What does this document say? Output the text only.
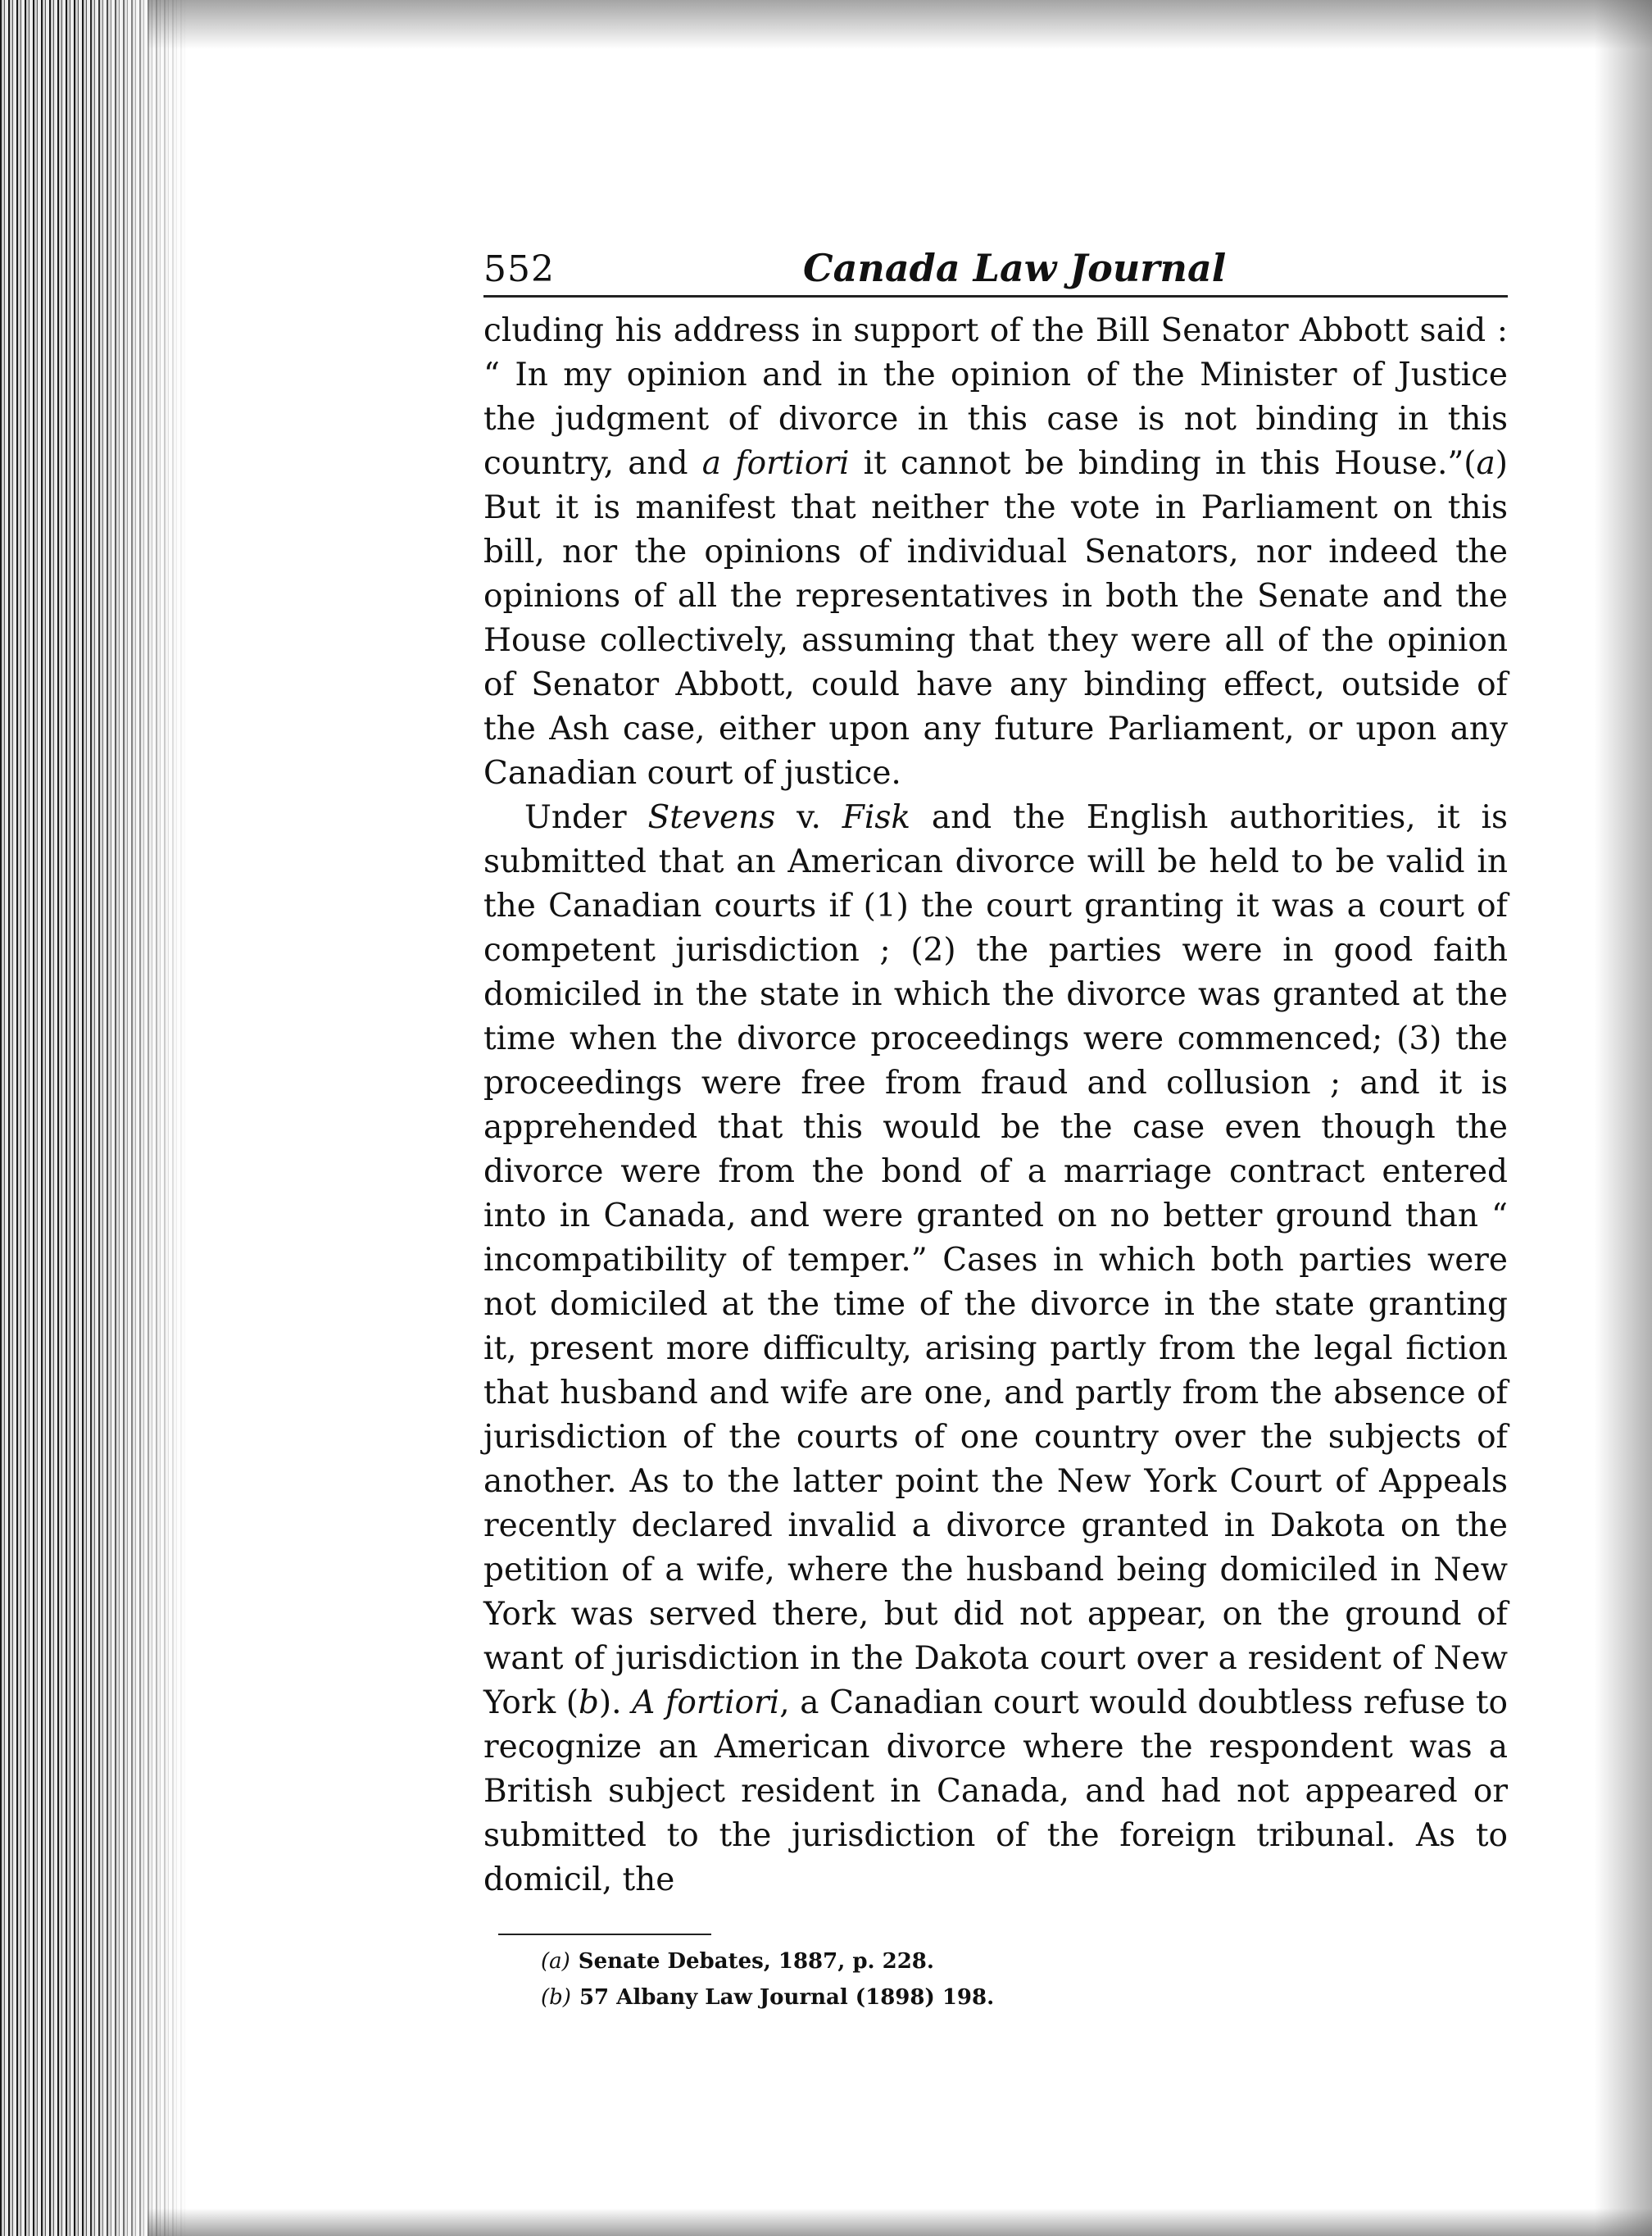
552	Canada Law Journal

cluding his address in support of the Bill Senator Abbott said : “ In my opinion and in the opinion of the Minister of Justice the judgment of divorce in this case is not binding in this country, and a fortiori it cannot be binding in this House.”(a) But it is manifest that neither the vote in Parliament on this bill, nor the opinions of individual Senators, nor indeed the opinions of all the representatives in both the Senate and the House collectively, assuming that they were all of the opinion of Senator Abbott, could have any binding effect, outside of the Ash case, either upon any future Parliament, or upon any Canadian court of justice.

Under Stevens v. Fisk and the English authorities, it is submitted that an American divorce will be held to be valid in the Canadian courts if (1) the court granting it was a court of competent jurisdiction ; (2) the parties were in good faith domiciled in the state in which the divorce was granted at the time when the divorce proceedings were commenced; (3) the proceedings were free from fraud and collusion ; and it is apprehended that this would be the case even though the divorce were from the bond of a marriage contract entered into in Canada, and were granted on no better ground than “ incompatibility of temper.” Cases in which both parties were not domiciled at the time of the divorce in the state granting it, present more difficulty, arising partly from the legal fiction that husband and wife are one, and partly from the absence of jurisdiction of the courts of one country over the subjects of another. As to the latter point the New York Court of Appeals recently declared invalid a divorce granted in Dakota on the petition of a wife, where the husband being domiciled in New York was served there, but did not appear, on the ground of want of jurisdiction in the Dakota court over a resident of New York (b). A fortiori, a Canadian court would doubtless refuse to recognize an American divorce where the respondent was a British subject resident in Canada, and had not appeared or submitted to the jurisdiction of the foreign tribunal. As to domicil, the

(a) Senate Debates, 1887, p. 228.
(b) 57 Albany Law Journal (1898) 198.
